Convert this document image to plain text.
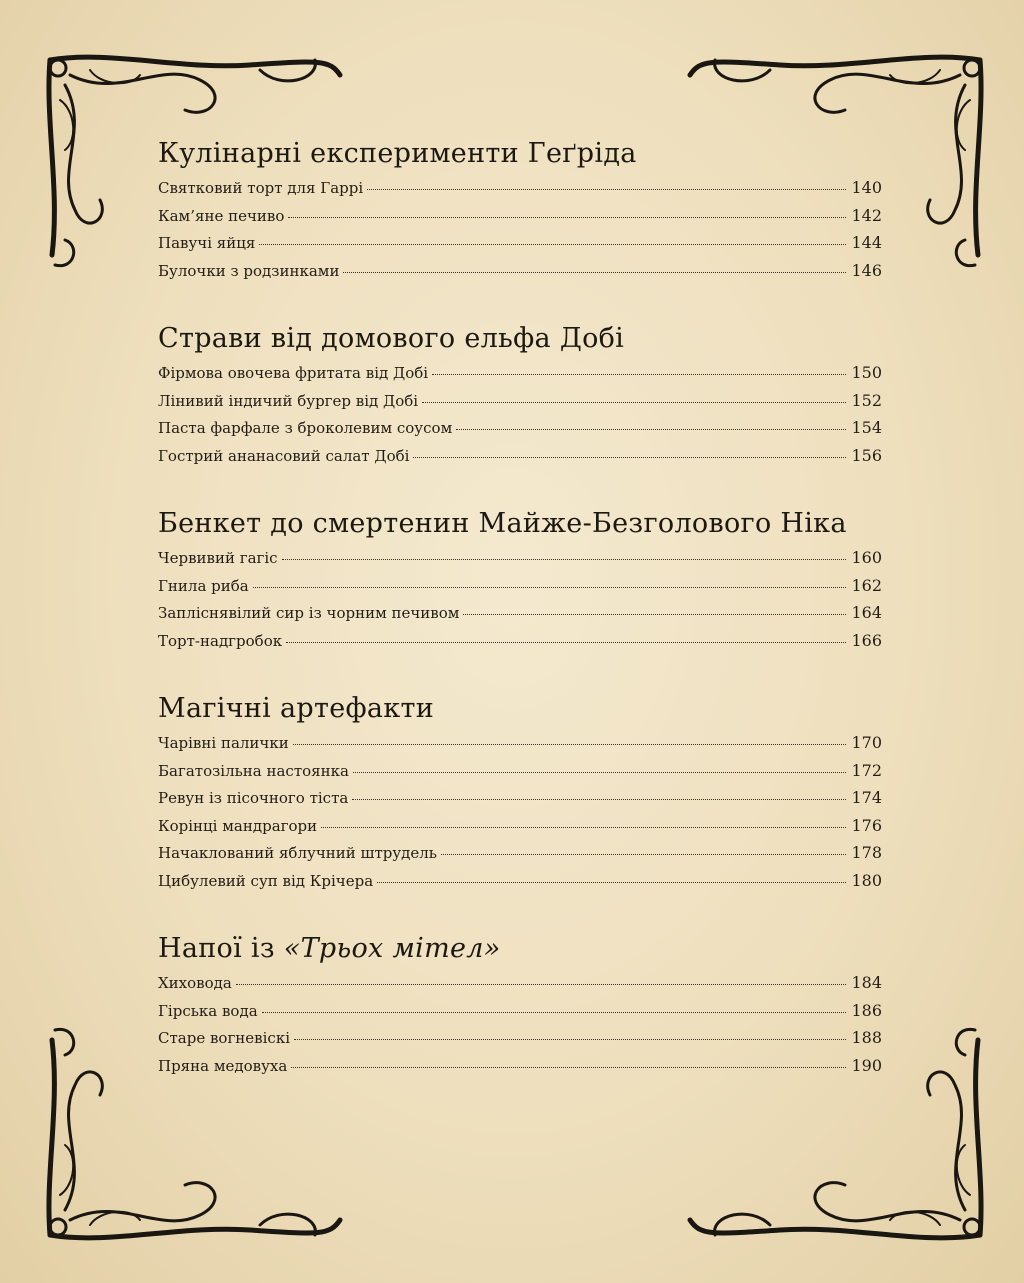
Кулінарні експерименти Геґріда
Святковий торт для Гаррі	140
Кам’яне печиво	142
Павучі яйця	144
Булочки з родзинками	146
Страви від домового ельфа Добі
Фірмова овочева фритата від Добі	150
Лінивий індичий бургер від Добі	152
Паста фарфале з броколевим соусом	154
Гострий ананасовий салат Добі	156
Бенкет до смертенин Майже-Безголового Ніка
Червивий гагіс	160
Гнила риба	162
Запліснявілий сир із чорним печивом	164
Торт-надгробок	166
Магічні артефакти
Чарівні палички	170
Багатозільна настоянка	172
Ревун із пісочного тіста	174
Корінці мандрагори	176
Начаклований яблучний штрудель	178
Цибулевий суп від Крічера	180
Напої із «Трьох мітел»
Хиховода	184
Гірська вода	186
Старе вогневіскі	188
Пряна медовуха	190
